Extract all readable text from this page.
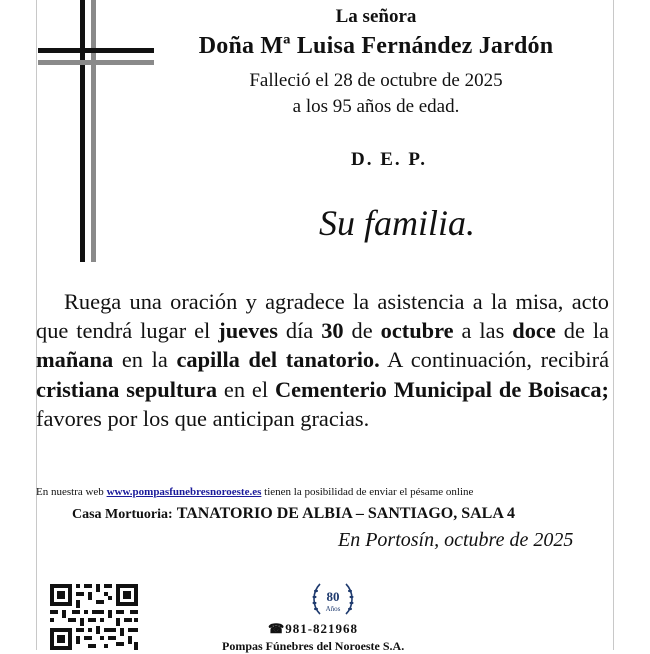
La señora
Doña Mª Luisa Fernández Jardón
Falleció el 28 de octubre de 2025
a los 95 años de edad.
D. E. P.
Su familia.

Ruega una oración y agradece la asistencia a la misa, acto que tendrá lugar el jueves día 30 de octubre a las doce de la mañana en la capilla del tanatorio. A continuación, recibirá cristiana sepultura en el Cementerio Municipal de Boisaca; favores por los que anticipan gracias.

En nuestra web www.pompasfunebresnoroeste.es tienen la posibilidad de enviar el pésame online
Casa Mortuoria: TANATORIO DE ALBIA – SANTIAGO, SALA 4
En Portosín, octubre de 2025
80
Años
☎981-821968
Pompas Fúnebres del Noroeste S.A.
